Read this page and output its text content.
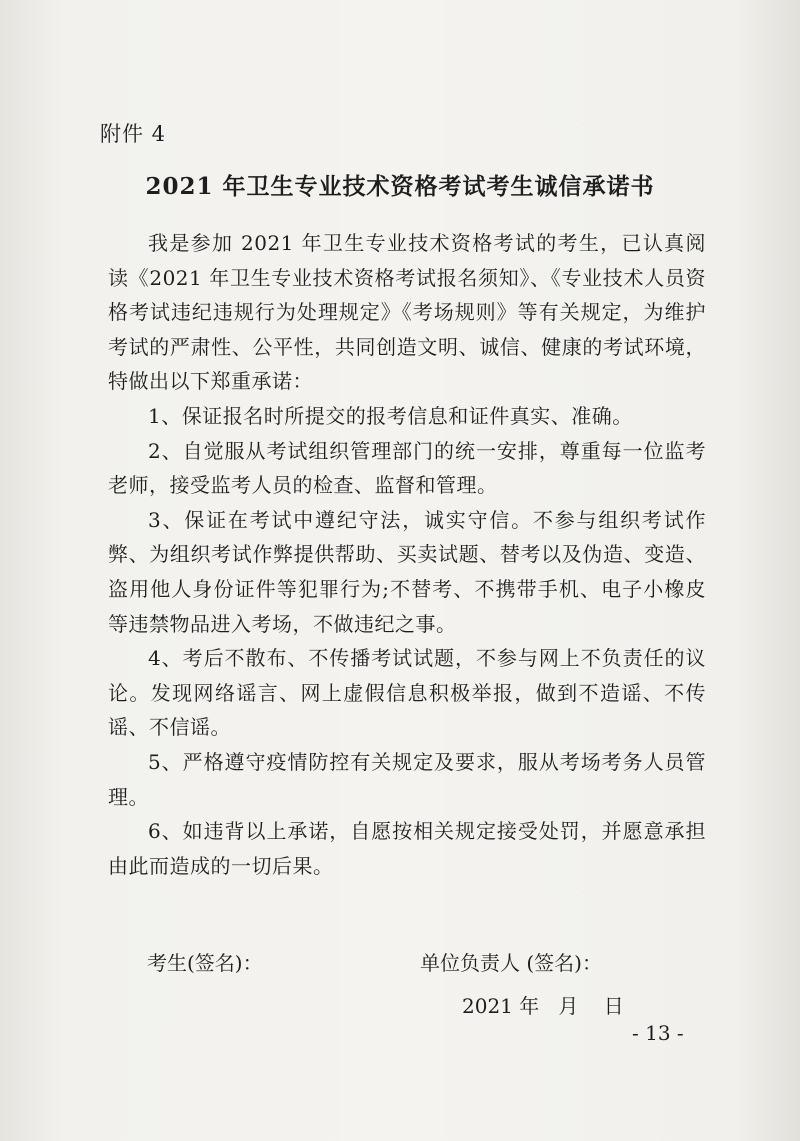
附件 4
2021 年卫生专业技术资格考试考生诚信承诺书

我是参加 2021 年卫生专业技术资格考试的考生，已认真阅读《2021 年卫生专业技术资格考试报名须知》、《专业技术人员资格考试违纪违规行为处理规定》《考场规则》等有关规定，为维护考试的严肃性、公平性，共同创造文明、诚信、健康的考试环境，特做出以下郑重承诺：

1、保证报名时所提交的报考信息和证件真实、准确。

2、自觉服从考试组织管理部门的统一安排，尊重每一位监考老师，接受监考人员的检查、监督和管理。

3、保证在考试中遵纪守法，诚实守信。不参与组织考试作弊、为组织考试作弊提供帮助、买卖试题、替考以及伪造、变造、盗用他人身份证件等犯罪行为;不替考、不携带手机、电子小橡皮等违禁物品进入考场，不做违纪之事。

4、考后不散布、不传播考试试题，不参与网上不负责任的议论。发现网络谣言、网上虚假信息积极举报，做到不造谣、不传谣、不信谣。

5、严格遵守疫情防控有关规定及要求，服从考场考务人员管理。

6、如违背以上承诺，自愿按相关规定接受处罚，并愿意承担由此而造成的一切后果。

考生(签名)：	单位负责人 (签名)：
2021 年   月    日
- 13 -
